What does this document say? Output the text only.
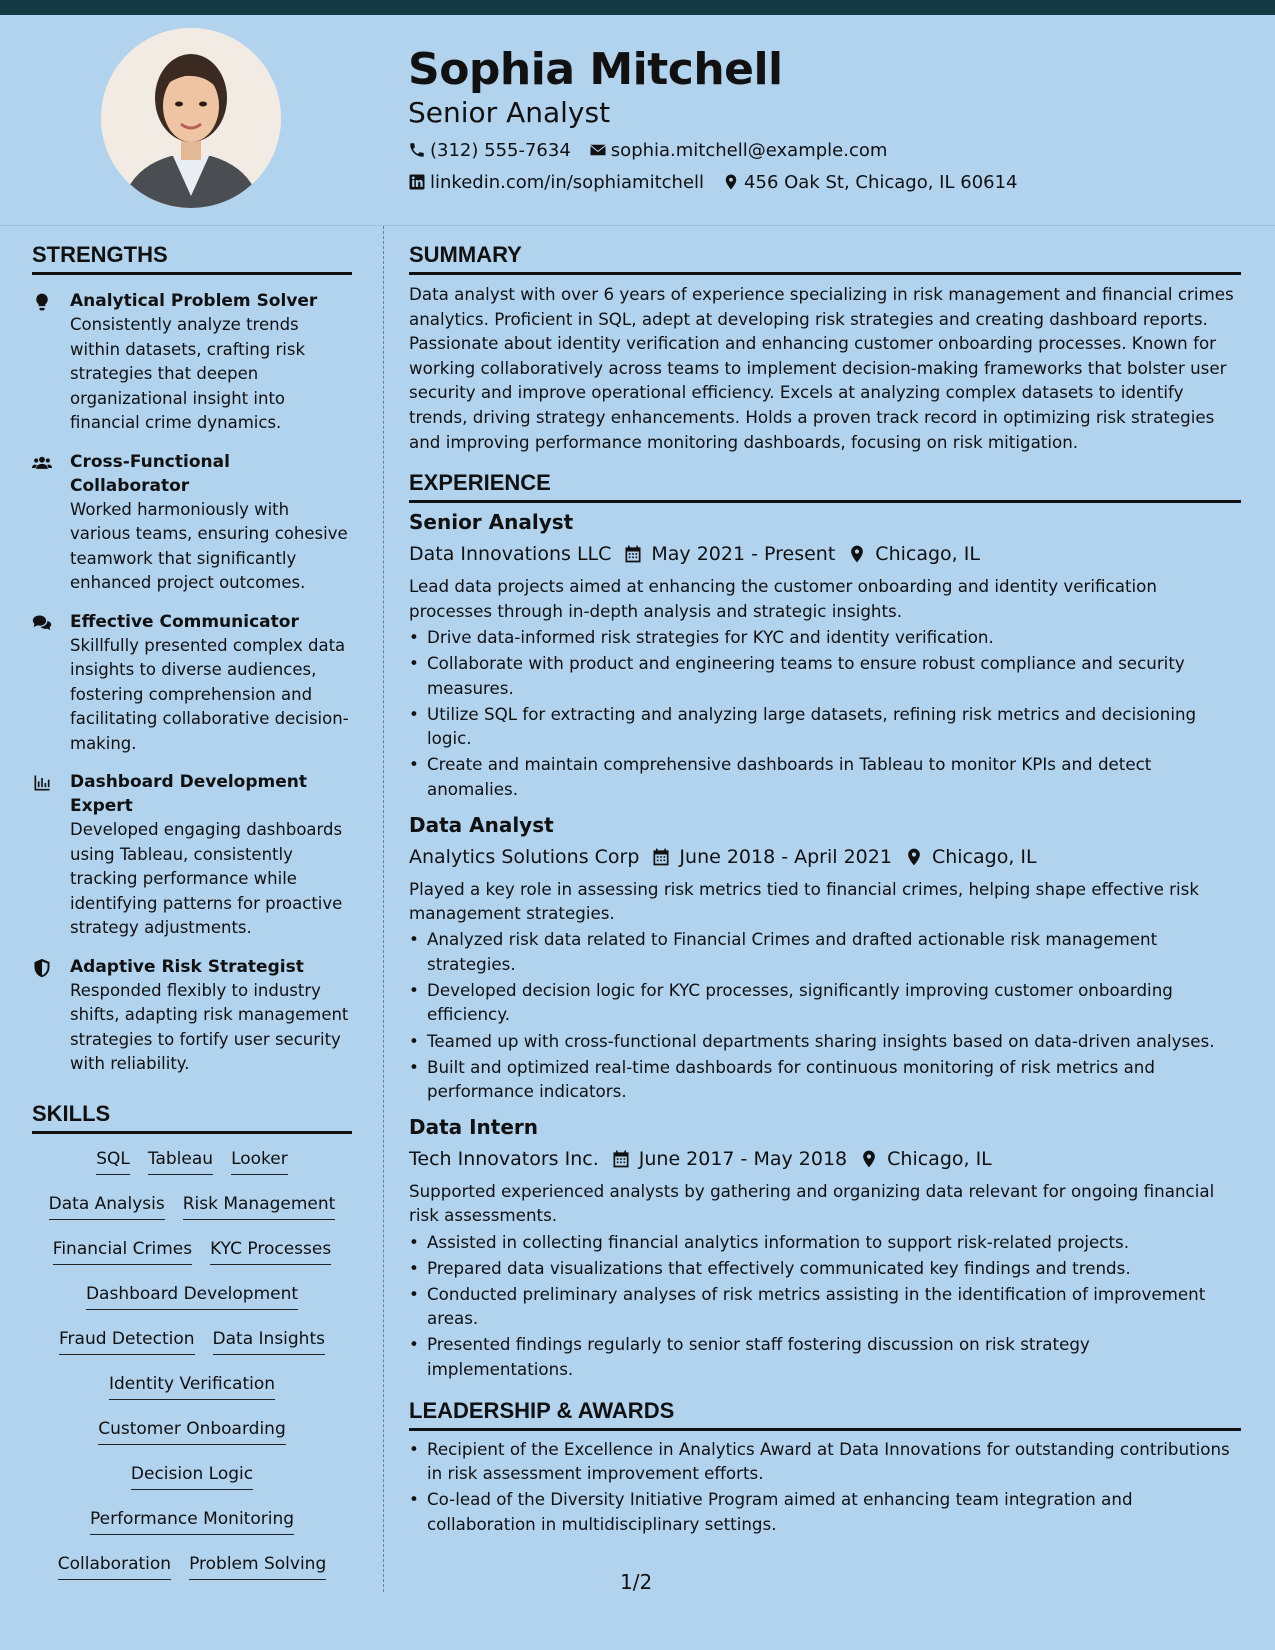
Sophia Mitchell
Senior Analyst
(312) 555-7634 sophia.mitchell@example.com
linkedin.com/in/sophiamitchell 456 Oak St, Chicago, IL 60614
STRENGTHS
Analytical Problem Solver
Consistently analyze trends within datasets, crafting risk strategies that deepen organizational insight into financial crime dynamics.
Cross-Functional Collaborator
Worked harmoniously with various teams, ensuring cohesive teamwork that significantly enhanced project outcomes.
Effective Communicator
Skillfully presented complex data insights to diverse audiences, fostering comprehension and facilitating collaborative decision-making.
Dashboard Development Expert
Developed engaging dashboards using Tableau, consistently tracking performance while identifying patterns for proactive strategy adjustments.
Adaptive Risk Strategist
Responded flexibly to industry shifts, adapting risk management strategies to fortify user security with reliability.
SKILLS
SQL Tableau Looker
Data Analysis Risk Management
Financial Crimes KYC Processes
Dashboard Development
Fraud Detection Data Insights
Identity Verification
Customer Onboarding
Decision Logic
Performance Monitoring
Collaboration Problem Solving
SUMMARY
Data analyst with over 6 years of experience specializing in risk management and financial crimes analytics. Proficient in SQL, adept at developing risk strategies and creating dashboard reports. Passionate about identity verification and enhancing customer onboarding processes. Known for working collaboratively across teams to implement decision-making frameworks that bolster user security and improve operational efficiency. Excels at analyzing complex datasets to identify trends, driving strategy enhancements. Holds a proven track record in optimizing risk strategies and improving performance monitoring dashboards, focusing on risk mitigation.
EXPERIENCE
Senior Analyst
Data Innovations LLC May 2021 - Present Chicago, IL
Lead data projects aimed at enhancing the customer onboarding and identity verification processes through in-depth analysis and strategic insights.
• Drive data-informed risk strategies for KYC and identity verification.
• Collaborate with product and engineering teams to ensure robust compliance and security measures.
• Utilize SQL for extracting and analyzing large datasets, refining risk metrics and decisioning logic.
• Create and maintain comprehensive dashboards in Tableau to monitor KPIs and detect anomalies.
Data Analyst
Analytics Solutions Corp June 2018 - April 2021 Chicago, IL
Played a key role in assessing risk metrics tied to financial crimes, helping shape effective risk management strategies.
• Analyzed risk data related to Financial Crimes and drafted actionable risk management strategies.
• Developed decision logic for KYC processes, significantly improving customer onboarding efficiency.
• Teamed up with cross-functional departments sharing insights based on data-driven analyses.
• Built and optimized real-time dashboards for continuous monitoring of risk metrics and performance indicators.
Data Intern
Tech Innovators Inc. June 2017 - May 2018 Chicago, IL
Supported experienced analysts by gathering and organizing data relevant for ongoing financial risk assessments.
• Assisted in collecting financial analytics information to support risk-related projects.
• Prepared data visualizations that effectively communicated key findings and trends.
• Conducted preliminary analyses of risk metrics assisting in the identification of improvement areas.
• Presented findings regularly to senior staff fostering discussion on risk strategy implementations.
LEADERSHIP & AWARDS
• Recipient of the Excellence in Analytics Award at Data Innovations for outstanding contributions in risk assessment improvement efforts.
• Co-lead of the Diversity Initiative Program aimed at enhancing team integration and collaboration in multidisciplinary settings.
1/2
